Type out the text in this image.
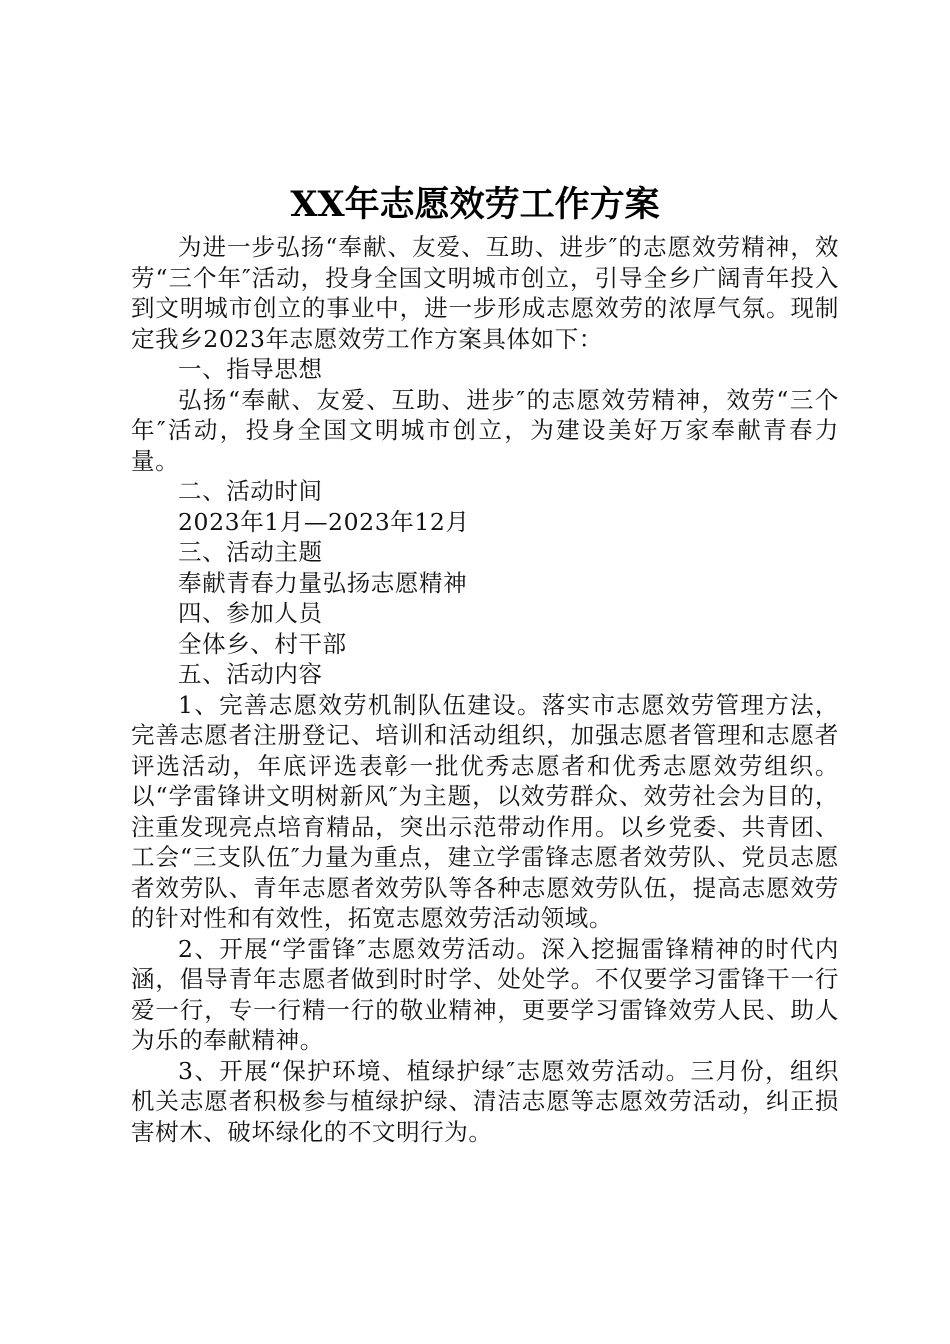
XX年志愿效劳工作方案

为进一步弘扬“奉献、友爱、互助、进步″的志愿效劳精神，效劳“三个年″活动，投身全国文明城市创立，引导全乡广阔青年投入到文明城市创立的事业中，进一步形成志愿效劳的浓厚气氛。现制定我乡2023年志愿效劳工作方案具体如下：

一、指导思想

弘扬“奉献、友爱、互助、进步″的志愿效劳精神，效劳“三个年″活动，投身全国文明城市创立，为建设美好万家奉献青春力量。

二、活动时间

2023年1月—2023年12月

三、活动主题

奉献青春力量弘扬志愿精神

四、参加人员

全体乡、村干部

五、活动内容

1、完善志愿效劳机制队伍建设。落实市志愿效劳管理方法，完善志愿者注册登记、培训和活动组织，加强志愿者管理和志愿者评选活动，年底评选表彰一批优秀志愿者和优秀志愿效劳组织。以“学雷锋讲文明树新风″为主题，以效劳群众、效劳社会为目的，注重发现亮点培育精品，突出示范带动作用。以乡党委、共青团、工会“三支队伍″力量为重点，建立学雷锋志愿者效劳队、党员志愿者效劳队、青年志愿者效劳队等各种志愿效劳队伍，提高志愿效劳的针对性和有效性，拓宽志愿效劳活动领域。

2、开展“学雷锋″志愿效劳活动。深入挖掘雷锋精神的时代内涵，倡导青年志愿者做到时时学、处处学。不仅要学习雷锋干一行爱一行，专一行精一行的敬业精神，更要学习雷锋效劳人民、助人为乐的奉献精神。

3、开展“保护环境、植绿护绿″志愿效劳活动。三月份，组织机关志愿者积极参与植绿护绿、清洁志愿等志愿效劳活动，纠正损害树木、破坏绿化的不文明行为。
